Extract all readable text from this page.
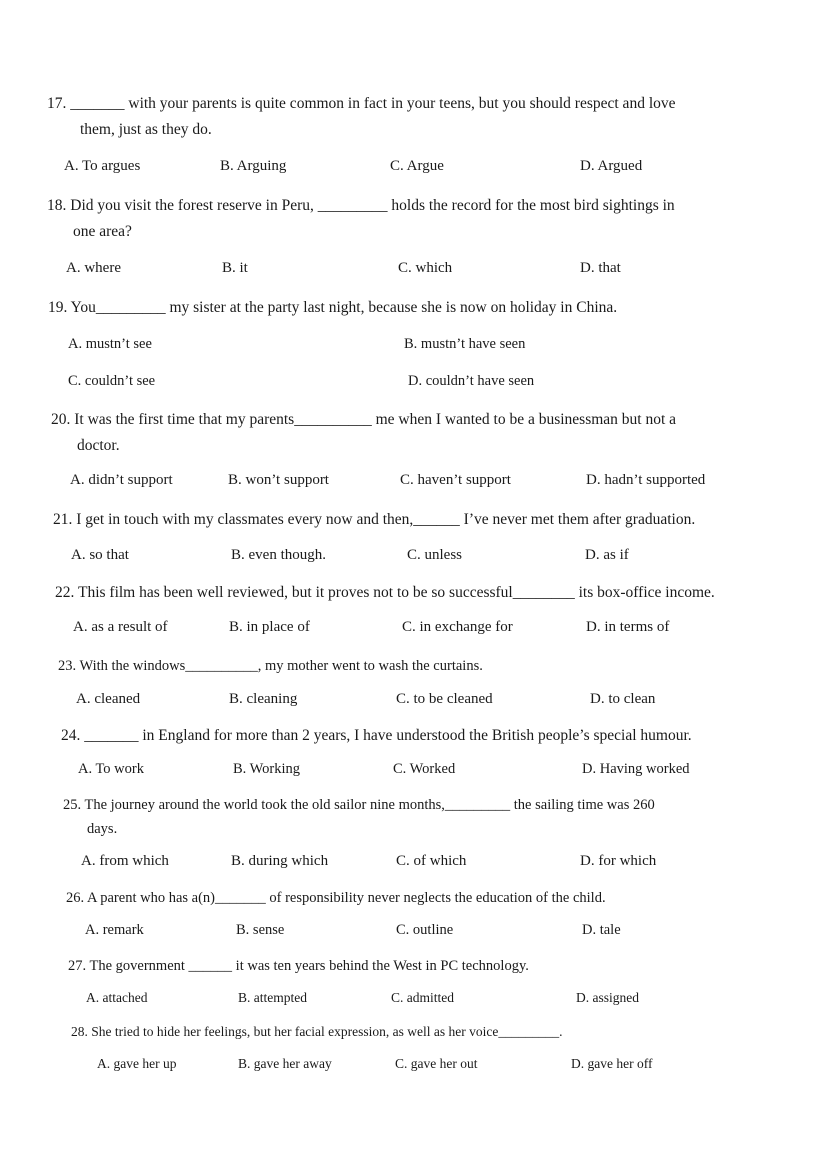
17. _______ with your parents is quite common in fact in your teens, but you should respect and love
them, just as they do.
A. To argues	B. Arguing	C. Argue	D. Argued
18. Did you visit the forest reserve in Peru, _________ holds the record for the most bird sightings in
one area?
A. where	B. it	C. which	D. that
19. You_________ my sister at the party last night, because she is now on holiday in China.
A. mustn’t see	B. mustn’t have seen
C. couldn’t see	D. couldn’t have seen
20. It was the first time that my parents__________ me when I wanted to be a businessman but not a
doctor.
A. didn’t support	B. won’t support	C. haven’t support	D. hadn’t supported
21. I get in touch with my classmates every now and then,______ I’ve never met them after graduation.
A. so that	B. even though.	C. unless	D. as if
22. This film has been well reviewed, but it proves not to be so successful________ its box-office income.
A. as a result of	B. in place of	C. in exchange for	D. in terms of
23. With the windows__________, my mother went to wash the curtains.
A. cleaned	B. cleaning	C. to be cleaned	D. to clean
24. _______ in England for more than 2 years, I have understood the British people’s special humour.
A. To work	B. Working	C. Worked	D. Having worked
25. The journey around the world took the old sailor nine months,_________ the sailing time was 260
days.
A. from which	B. during which	C. of which	D. for which
26. A parent who has a(n)_______ of responsibility never neglects the education of the child.
A. remark	B. sense	C. outline	D. tale
27. The government ______ it was ten years behind the West in PC technology.
A. attached	B. attempted	C. admitted	D. assigned
28. She tried to hide her feelings, but her facial expression, as well as her voice_________.
A. gave her up	B. gave her away	C. gave her out	D. gave her off
